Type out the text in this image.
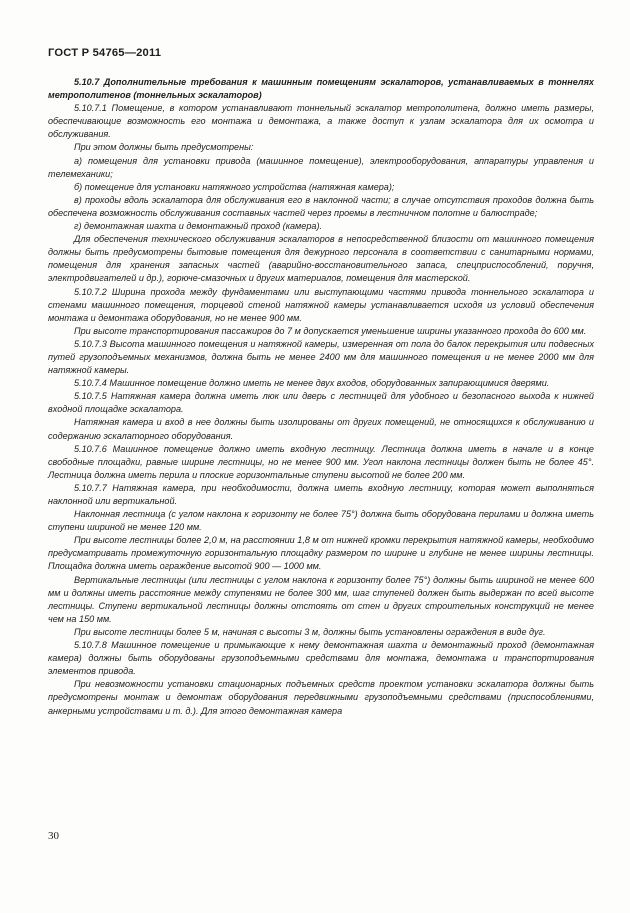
ГОСТ Р 54765—2011

5.10.7 Дополнительные требования к машинным помещениям эскалаторов, устанавливаемых в тоннелях метрополитенов (тоннельных эскалаторов)

5.10.7.1 Помещение, в котором устанавливают тоннельный эскалатор метрополитена, должно иметь размеры, обеспечивающие возможность его монтажа и демонтажа, а также доступ к узлам эскалатора для их осмотра и обслуживания.

При этом должны быть предусмотрены:

а) помещения для установки привода (машинное помещение), электрооборудования, аппаратуры управления и телемеханики;

б) помещение для установки натяжного устройства (натяжная камера);

в) проходы вдоль эскалатора для обслуживания его в наклонной части; в случае отсутствия проходов должна быть обеспечена возможность обслуживания составных частей через проемы в лестничном полотне и балюстраде;

г) демонтажная шахта и демонтажный проход (камера).

Для обеспечения технического обслуживания эскалаторов в непосредственной близости от машинного помещения должны быть предусмотрены бытовые помещения для дежурного персонала в соответствии с санитарными нормами, помещения для хранения запасных частей (аварийно-восстановительного запаса, спецприспособлений, поручня, электродвигателей и др.), горюче-смазочных и других материалов, помещения для мастерской.

5.10.7.2 Ширина прохода между фундаментами или выступающими частями привода тоннельного эскалатора и стенами машинного помещения, торцевой стеной натяжной камеры устанавливается исходя из условий обеспечения монтажа и демонтажа оборудования, но не менее 900 мм.

При высоте транспортирования пассажиров до 7 м допускается уменьшение ширины указанного прохода до 600 мм.

5.10.7.3 Высота машинного помещения и натяжной камеры, измеренная от пола до балок перекрытия или подвесных путей грузоподъемных механизмов, должна быть не менее 2400 мм для машинного помещения и не менее 2000 мм для натяжной камеры.

5.10.7.4 Машинное помещение должно иметь не менее двух входов, оборудованных запирающимися дверями.

5.10.7.5 Натяжная камера должна иметь люк или дверь с лестницей для удобного и безопасного выхода к нижней входной площадке эскалатора.

Натяжная камера и вход в нее должны быть изолированы от других помещений, не относящихся к обслуживанию и содержанию эскалаторного оборудования.

5.10.7.6 Машинное помещение должно иметь входную лестницу. Лестница должна иметь в начале и в конце свободные площадки, равные ширине лестницы, но не менее 900 мм. Угол наклона лестницы должен быть не более 45°. Лестница должна иметь перила и плоские горизонтальные ступени высотой не более 200 мм.

5.10.7.7 Натяжная камера, при необходимости, должна иметь входную лестницу, которая может выполняться наклонной или вертикальной.

Наклонная лестница (с углом наклона к горизонту не более 75°) должна быть оборудована перилами и должна иметь ступени шириной не менее 120 мм.

При высоте лестницы более 2,0 м, на расстоянии 1,8 м от нижней кромки перекрытия натяжной камеры, необходимо предусматривать промежуточную горизонтальную площадку размером по ширине и глубине не менее ширины лестницы. Площадка должна иметь ограждение высотой 900 — 1000 мм.

Вертикальные лестницы (или лестницы с углом наклона к горизонту более 75°) должны быть шириной не менее 600 мм и должны иметь расстояние между ступенями не более 300 мм, шаг ступеней должен быть выдержан по всей высоте лестницы. Ступени вертикальной лестницы должны отстоять от стен и других строительных конструкций не менее чем на 150 мм.

При высоте лестницы более 5 м, начиная с высоты 3 м, должны быть установлены ограждения в виде дуг.

5.10.7.8 Машинное помещение и примыкающие к нему демонтажная шахта и демонтажный проход (демонтажная камера) должны быть оборудованы грузоподъемными средствами для монтажа, демонтажа и транспортирования элементов привода.

При невозможности установки стационарных подъемных средств проектом установки эскалатора должны быть предусмотрены монтаж и демонтаж оборудования передвижными грузоподъемными средствами (приспособлениями, анкерными устройствами и т. д.). Для этого демонтажная камера

30
